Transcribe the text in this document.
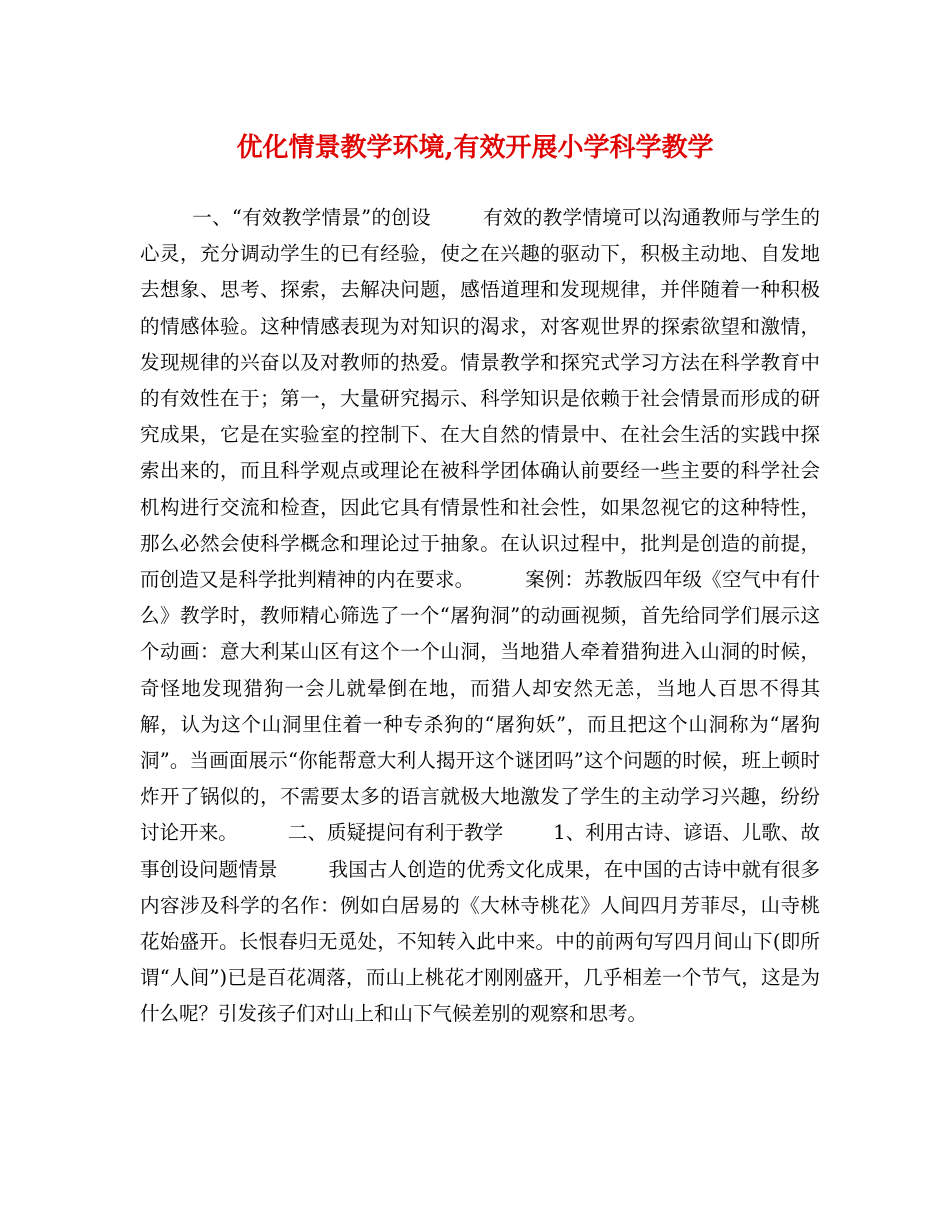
优化情景教学环境,有效开展小学科学教学

一、“有效教学情景”的创设        有效的教学情境可以沟通教师与学生的心灵，充分调动学生的已有经验，使之在兴趣的驱动下，积极主动地、自发地去想象、思考、探索，去解决问题，感悟道理和发现规律，并伴随着一种积极的情感体验。这种情感表现为对知识的渴求，对客观世界的探索欲望和激情，发现规律的兴奋以及对教师的热爱。情景教学和探究式学习方法在科学教育中的有效性在于；第一，大量研究揭示、科学知识是依赖于社会情景而形成的研究成果，它是在实验室的控制下、在大自然的情景中、在社会生活的实践中探索出来的，而且科学观点或理论在被科学团体确认前要经一些主要的科学社会机构进行交流和检查，因此它具有情景性和社会性，如果忽视它的这种特性，那么必然会使科学概念和理论过于抽象。在认识过程中，批判是创造的前提，而创造又是科学批判精神的内在要求。        案例：苏教版四年级《空气中有什么》教学时，教师精心筛选了一个“屠狗洞”的动画视频，首先给同学们展示这个动画：意大利某山区有这个一个山洞，当地猎人牵着猎狗进入山洞的时候，奇怪地发现猎狗一会儿就晕倒在地，而猎人却安然无恙，当地人百思不得其解，认为这个山洞里住着一种专杀狗的“屠狗妖”，而且把这个山洞称为“屠狗洞”。当画面展示“你能帮意大利人揭开这个谜团吗”这个问题的时候，班上顿时炸开了锅似的，不需要太多的语言就极大地激发了学生的主动学习兴趣，纷纷讨论开来。        二、质疑提问有利于教学        1、利用古诗、谚语、儿歌、故事创设问题情景        我国古人创造的优秀文化成果，在中国的古诗中就有很多内容涉及科学的名作：例如白居易的《大林寺桃花》人间四月芳菲尽，山寺桃花始盛开。长恨春归无觅处，不知转入此中来。中的前两句写四月间山下(即所谓“人间”)已是百花凋落，而山上桃花才刚刚盛开，几乎相差一个节气，这是为什么呢？引发孩子们对山上和山下气候差别的观察和思考。
